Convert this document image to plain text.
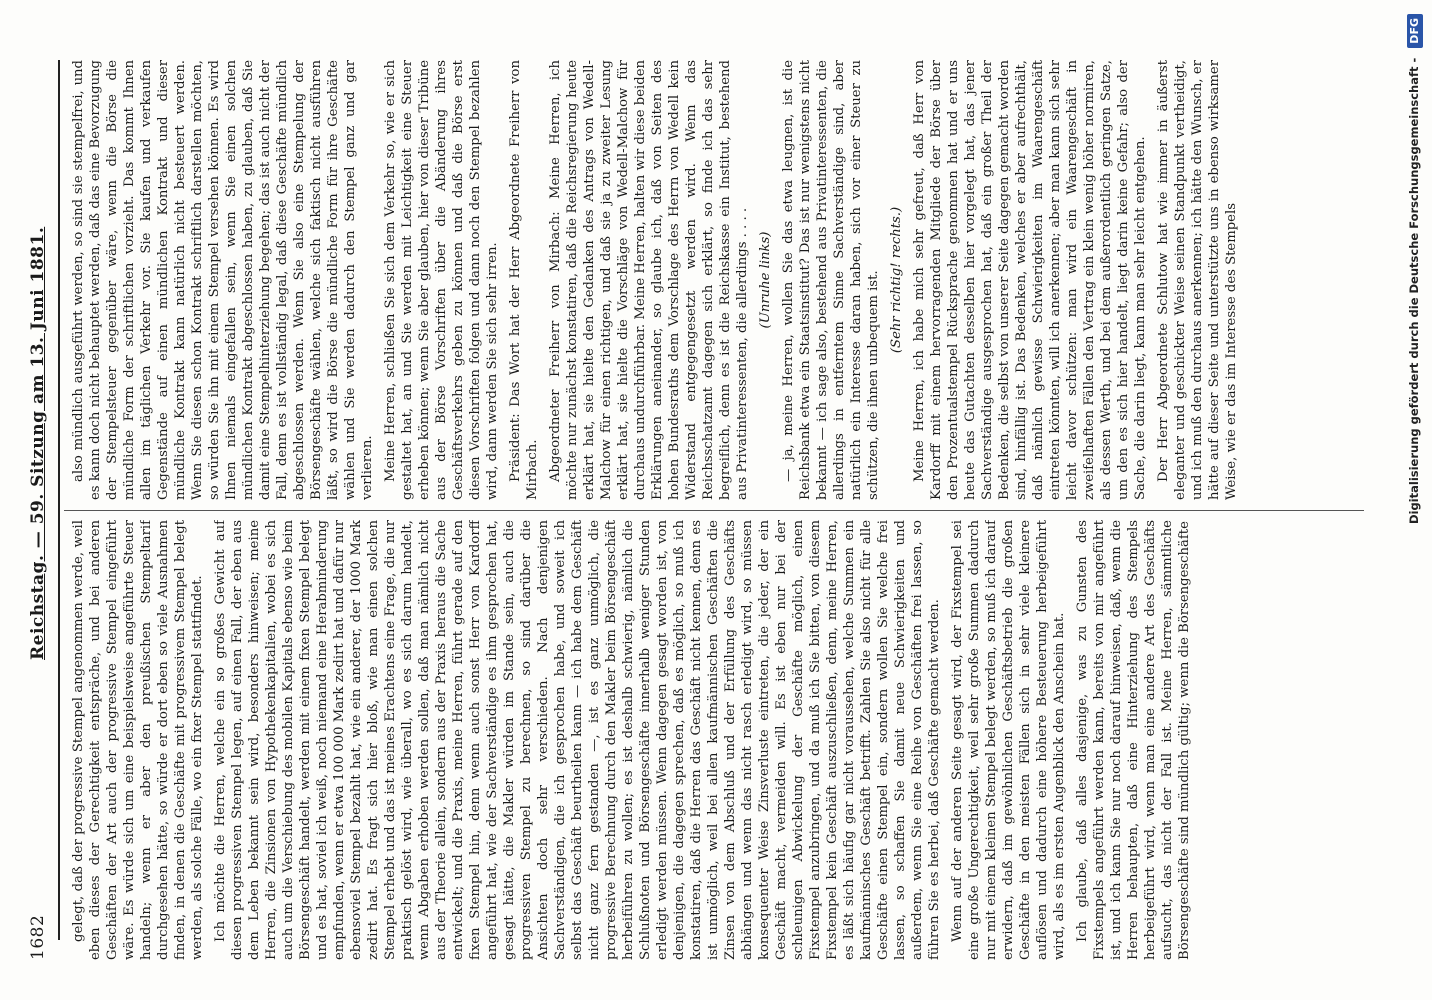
1682
Reichstag. — 59. Sitzung am 13. Juni 1881.

gelegt, daß der progressive Stempel angenommen werde, weil eben dieses der Gerechtigkeit entspräche, und bei anderen Geschäften der Art auch der progressive Stempel eingeführt wäre. Es würde sich um eine beispielsweise angeführte Steuer handeln; wenn er aber den preußischen Stempeltarif durchgesehen hätte, so würde er dort eben so viele Ausnahmen finden, in denen die Geschäfte mit progressivem Stempel belegt werden, als solche Fälle, wo ein fixer Stempel stattfindet. Ich möchte die Herren, welche ein so großes Gewicht auf diesen progressiven Stempel legen, auf einen Fall, der eben aus dem Leben bekannt sein wird, besonders hinweisen; meine Herren, die Zinsionen von Hypothekenkapitalien, wobei es sich auch um die Verschiebung des mobilen Kapitals ebenso wie beim Börsengeschäft handelt, werden mit einem fixen Stempel belegt und es hat, soviel ich weiß, noch niemand eine Herabminderung empfunden, wenn er etwa 100 000 Mark zedirt hat und dafür nur ebensoviel Stempel bezahlt hat, wie ein anderer, der 1000 Mark zedirt hat. Es fragt sich hier bloß, wie man einen solchen Stempel erhebt und das ist meines Erachtens eine Frage, die nur praktisch gelöst wird, wie überall, wo es sich darum handelt, wenn Abgaben erhoben werden sollen, daß man nämlich nicht aus der Theorie allein, sondern aus der Praxis heraus die Sache entwickelt; und die Praxis, meine Herren, führt gerade auf den fixen Stempel hin, denn wenn auch sonst Herr von Kardorff angeführt hat, wie der Sachverständige es ihm gesprochen hat, gesagt hätte, die Makler würden im Stande sein, auch die progressiven Stempel zu berechnen, so sind darüber die Ansichten doch sehr verschieden. Nach denjenigen Sachverständigen, die ich gesprochen habe, und soweit ich selbst das Geschäft beurtheilen kann — ich habe dem Geschäft nicht ganz fern gestanden —, ist es ganz unmöglich, die progressive Berechnung durch den Makler beim Börsengeschäft herbeiführen zu wollen; es ist deshalb schwierig, nämlich die Schlußnoten und Börsengeschäfte innerhalb weniger Stunden erledigt werden müssen. Wenn dagegen gesagt worden ist, von denjenigen, die dagegen sprechen, daß es möglich, so muß ich konstatiren, daß die Herren das Geschäft nicht kennen, denn es ist unmöglich, weil bei allen kaufmännischen Geschäften die Zinsen von dem Abschluß und der Erfüllung des Geschäfts abhängen und wenn das nicht rasch erledigt wird, so müssen konsequenter Weise Zinsverluste eintreten, die jeder, der ein Geschäft macht, vermeiden will. Es ist eben nur bei der schleunigen Abwickelung der Geschäfte möglich, einen Fixstempel anzubringen, und da muß ich Sie bitten, von diesem Fixstempel kein Geschäft auszuschließen, denn, meine Herren, es läßt sich häufig gar nicht voraussehen, welche Summen ein kaufmännisches Geschäft betrifft. Zahlen Sie also nicht für alle Geschäfte einen Stempel ein, sondern wollen Sie welche frei lassen, so schaffen Sie damit neue Schwierigkeiten und außerdem, wenn Sie eine Reihe von Geschäften frei lassen, so führen Sie es herbei, daß Geschäfte gemacht werden. Wenn auf der anderen Seite gesagt wird, der Fixstempel sei eine große Ungerechtigkeit, weil sehr große Summen dadurch nur mit einem kleinen Stempel belegt werden, so muß ich darauf erwidern, daß im gewöhnlichen Geschäftsbetrieb die großen Geschäfte in den meisten Fällen sich in sehr viele kleinere auflösen und dadurch eine höhere Besteuerung herbeigeführt wird, als es im ersten Augenblick den Anschein hat. Ich glaube, daß alles dasjenige, was zu Gunsten des Fixstempels angeführt werden kann, bereits von mir angeführt ist, und ich kann Sie nur noch darauf hinweisen, daß, wenn die Herren behaupten, daß eine Hinterziehung des Stempels herbeigeführt wird, wenn man eine andere Art des Geschäfts aufsucht, das nicht der Fall ist. Meine Herren, sämmtliche Börsengeschäfte sind mündlich gültig; wenn die Börsengeschäfte

also mündlich ausgeführt werden, so sind sie stempelfrei, und es kann doch nicht behauptet werden, daß das eine Bevorzugung der Stempelsteuer gegenüber wäre, wenn die Börse die mündliche Form der schriftlichen vorzieht. Das kommt Ihnen allen im täglichen Verkehr vor. Sie kaufen und verkaufen Gegenstände auf einen mündlichen Kontrakt und dieser mündliche Kontrakt kann natürlich nicht besteuert werden. Wenn Sie diesen schon Kontrakt schriftlich darstellen möchten, so würden Sie ihn mit einem Stempel versehen können. Es wird Ihnen niemals eingefallen sein, wenn Sie einen solchen mündlichen Kontrakt abgeschlossen haben, zu glauben, daß Sie damit eine Stempelhinterziehung begehen; das ist auch nicht der Fall, denn es ist vollständig legal, daß diese Geschäfte mündlich abgeschlossen werden. Wenn Sie also eine Stempelung der Börsengeschäfte wählen, welche sich faktisch nicht ausführen läßt, so wird die Börse die mündliche Form für ihre Geschäfte wählen und Sie werden dadurch den Stempel ganz und gar verlieren. Meine Herren, schließen Sie sich dem Verkehr so, wie er sich gestaltet hat, an und Sie werden mit Leichtigkeit eine Steuer erheben können; wenn Sie aber glauben, hier von dieser Tribüne aus der Börse Vorschriften über die Abänderung ihres Geschäftsverkehrs geben zu können und daß die Börse erst diesen Vorschriften folgen und dann noch den Stempel bezahlen wird, dann werden Sie sich sehr irren. Präsident: Das Wort hat der Herr Abgeordnete Freiherr von Mirbach. Abgeordneter Freiherr von Mirbach: Meine Herren, ich möchte nur zunächst konstatiren, daß die Reichsregierung heute erklärt hat, sie hielte den Gedanken des Antrags von Wedell-Malchow für einen richtigen, und daß sie ja zu zweiter Lesung erklärt hat, sie hielte die Vorschläge von Wedell-Malchow für durchaus undurchführbar. Meine Herren, halten wir diese beiden Erklärungen aneinander, so glaube ich, daß von Seiten des hohen Bundesraths dem Vorschlage des Herrn von Wedell kein Widerstand entgegengesetzt werden wird. Wenn das Reichsschatzamt dagegen sich erklärt, so finde ich das sehr begreiflich, denn es ist die Reichskasse ein Institut, bestehend aus Privatinteressenten, die allerdings . . . . (Unruhe links) — ja, meine Herren, wollen Sie das etwa leugnen, ist die Reichsbank etwa ein Staatsinstitut? Das ist nur wenigstens nicht bekannt — ich sage also, bestehend aus Privatinteressenten, die allerdings in entferntem Sinne Sachverständige sind, aber natürlich ein Interesse daran haben, sich vor einer Steuer zu schützen, die ihnen unbequem ist. (Sehr richtig! rechts.) Meine Herren, ich habe mich sehr gefreut, daß Herr von Kardorff mit einem hervorragenden Mitgliede der Börse über den Prozentualstempel Rücksprache genommen hat und er uns heute das Gutachten desselben hier vorgelegt hat, das jener Sachverständige ausgesprochen hat, daß ein großer Theil der Bedenken, die selbst von unserer Seite dagegen gemacht worden sind, hinfällig ist. Das Bedenken, welches er aber aufrechthält, daß nämlich gewisse Schwierigkeiten im Waarengeschäft eintreten könnten, will ich anerkennen; aber man kann sich sehr leicht davor schützen: man wird ein Waarengeschäft in zweifelhaften Fällen den Vertrag ein klein wenig höher normiren, als dessen Werth, und bei dem außerordentlich geringen Satze, um den es sich hier handelt, liegt darin keine Gefahr; also der Sache, die darin liegt, kann man sehr leicht entgehen. Der Herr Abgeordnete Schlutow hat wie immer in äußerst eleganter und geschickter Weise seinen Standpunkt vertheidigt, und ich muß den durchaus anerkennen; ich hätte den Wunsch, er hätte auf dieser Seite und unterstützte uns in ebenso wirksamer Weise, wie er das im Interesse des Stempels	Digitalisierung gefördert durch die Deutsche Forschungsgemeinschaft - DFG
